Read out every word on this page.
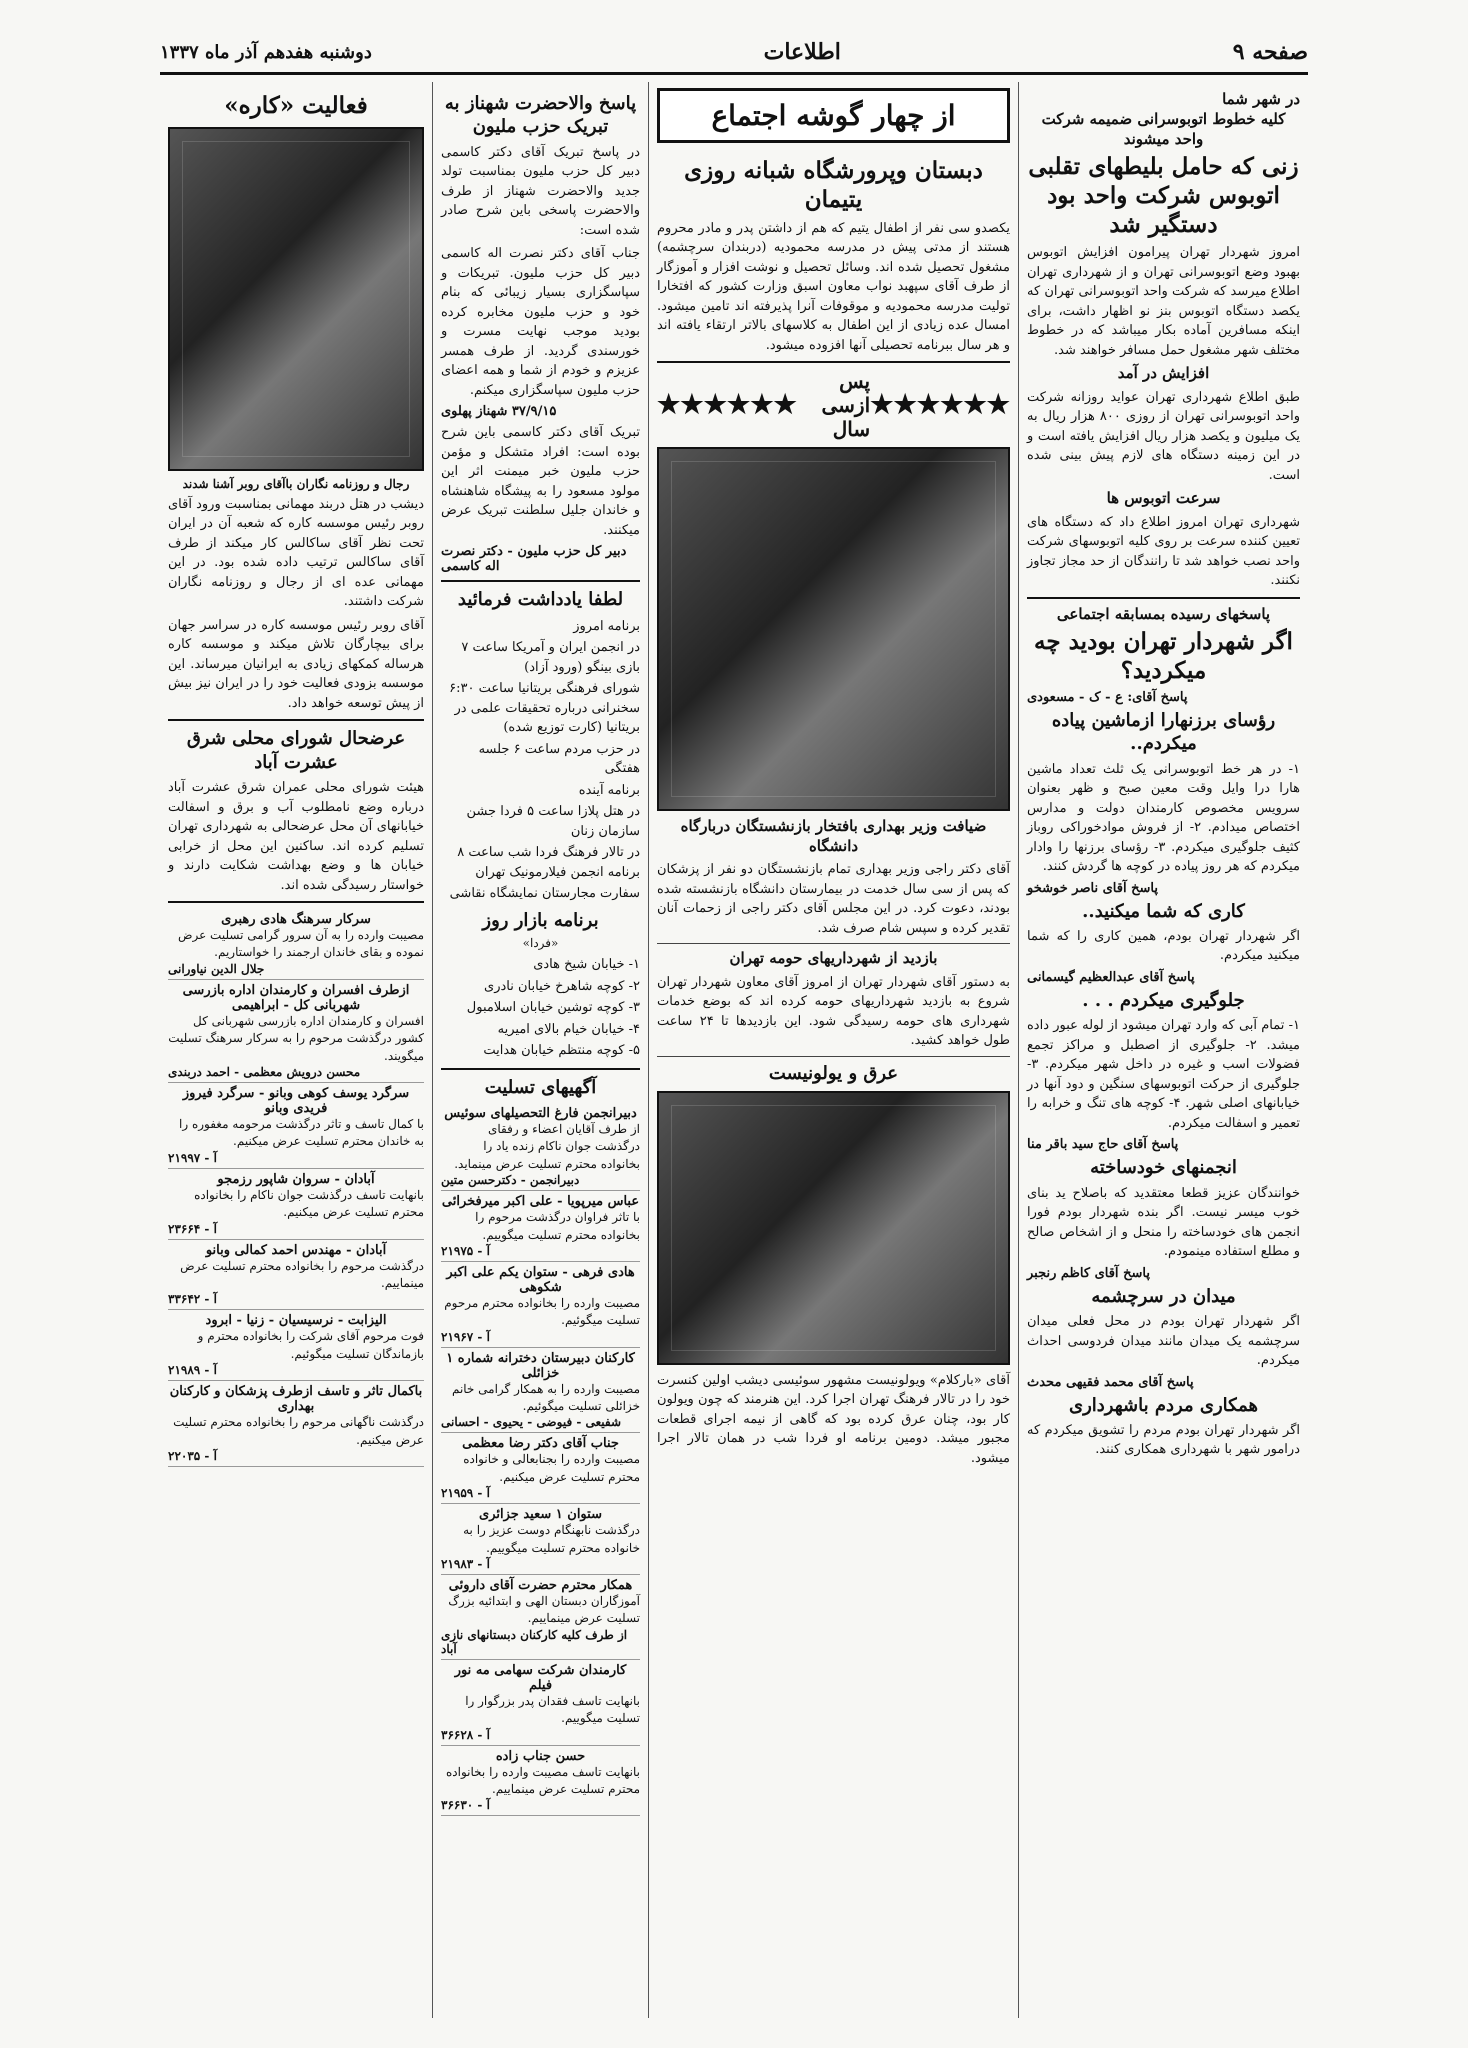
صفحه ۹
اطلاعات
دوشنبه هفدهم آذر ماه ۱۳۳۷
در شهر شما
کلیه خطوط اتوبوسرانی ضمیمه شرکت واحد میشوند
زنی که حامل بلیطهای تقلبی اتوبوس شرکت واحد بود دستگیر شد

امروز شهردار تهران پیرامون افزایش اتوبوس بهبود وضع اتوبوسرانی تهران و از شهرداری تهران اطلاع میرسد که شرکت واحد اتوبوسرانی تهران که یکصد دستگاه اتوبوس بنز نو اظهار داشت، برای اینکه مسافرین آماده بکار میباشد که در خطوط مختلف شهر مشغول حمل مسافر خواهند شد.

افزایش در آمد

طبق اطلاع شهرداری تهران عواید روزانه شرکت واحد اتوبوسرانی تهران از روزی ۸۰۰ هزار ریال به یک میلیون و یکصد هزار ریال افزایش یافته است و در این زمینه دستگاه های لازم پیش بینی شده است.

سرعت اتوبوس ها

شهرداری تهران امروز اطلاع داد که دستگاه های تعیین کننده سرعت بر روی کلیه اتوبوسهای شرکت واحد نصب خواهد شد تا رانندگان از حد مجاز تجاوز نکنند.

پاسخهای رسیده بمسابقه اجتماعی
اگر شهردار تهران بودید چه میکردید؟
پاسخ آقای: ع - ک - مسعودی
رؤسای برزنهارا ازماشین پیاده میکردم..

۱- در هر خط اتوبوسرانی یک ثلث تعداد ماشین هارا درا وایل وقت معین صبح و ظهر بعنوان سرویس مخصوص کارمندان دولت و مدارس اختصاص میدادم. ۲- از فروش موادخوراکی روباز کثیف جلوگیری میکردم. ۳- رؤسای برزنها را وادار میکردم که هر روز پیاده در کوچه ها گردش کنند.

پاسخ آقای ناصر خوشخو
کاری که شما میکنید..

اگر شهردار تهران بودم، همین کاری را که شما میکنید میکردم.

پاسخ آقای عبدالعظیم گیسمانی
جلوگیری میکردم . . .

۱- تمام آبی که وارد تهران میشود از لوله عبور داده میشد. ۲- جلوگیری از اصطبل و مراکز تجمع فضولات اسب و غیره در داخل شهر میکردم. ۳- جلوگیری از حرکت اتوبوسهای سنگین و دود آنها در خیابانهای اصلی شهر. ۴- کوچه های تنگ و خرابه را تعمیر و اسفالت میکردم.

پاسخ آقای حاج سید باقر منا
انجمنهای خودساخته

خوانندگان عزیز قطعا معتقدید که باصلاح ید بنای خوب میسر نیست. اگر بنده شهردار بودم فورا انجمن های خودساخته را منحل و از اشخاص صالح و مطلع استفاده مینمودم.

پاسخ آقای کاظم رنجبر
میدان در سرچشمه

اگر شهردار تهران بودم در محل فعلی میدان سرچشمه یک میدان مانند میدان فردوسی احداث میکردم.

پاسخ آقای محمد فقیهی محدث
همکاری مردم باشهرداری

اگر شهردار تهران بودم مردم را تشویق میکردم که درامور شهر با شهرداری همکاری کنند.

از چهار گوشه اجتماع
دبستان وپرورشگاه شبانه روزی یتیمان

یکصدو سی نفر از اطفال یتیم که هم از داشتن پدر و مادر محروم هستند از مدتی پیش در مدرسه محمودیه (دربندان سرچشمه) مشغول تحصیل شده اند. وسائل تحصیل و نوشت افزار و آموزگار از طرف آقای سپهبد نواب معاون اسبق وزارت کشور که افتخارا تولیت مدرسه محمودیه و موقوفات آنرا پذیرفته اند تامین میشود. امسال عده زیادی از این اطفال به کلاسهای بالاتر ارتقاء یافته اند و هر سال ببرنامه تحصیلی آنها افزوده میشود.

★★★★★★
پس ازسی سال
★★★★★★
ضیافت وزیر بهداری بافتخار بازنشستگان دربارگاه دانشگاه

آقای دکتر راجی وزیر بهداری تمام بازنشستگان دو نفر از پزشکان که پس از سی سال خدمت در بیمارستان دانشگاه بازنشسته شده بودند، دعوت کرد. در این مجلس آقای دکتر راجی از زحمات آنان تقدیر کرده و سپس شام صرف شد.

بازدید از شهرداریهای حومه تهران

به دستور آقای شهردار تهران از امروز آقای معاون شهردار تهران شروع به بازدید شهرداریهای حومه کرده اند که بوضع خدمات شهرداری های حومه رسیدگی شود. این بازدیدها تا ۲۴ ساعت طول خواهد کشید.

عرق و یولونیست

آقای «بارکلام» ویولونیست مشهور سوئیسی دیشب اولین کنسرت خود را در تالار فرهنگ تهران اجرا کرد. این هنرمند که چون ویولون کار بود، چنان عرق کرده بود که گاهی از نیمه اجرای قطعات مجبور میشد. دومین برنامه او فردا شب در همان تالار اجرا میشود.

پاسخ والاحضرت شهناز به تبریک حزب ملیون

در پاسخ تبریک آقای دکتر کاسمی دبیر کل حزب ملیون بمناسبت تولد جدید والاحضرت شهناز از طرف والاحضرت پاسخی باین شرح صادر شده است:

جناب آقای دکتر نصرت اله کاسمی دبیر کل حزب ملیون. تبریکات و سپاسگزاری بسیار زیبائی که بنام خود و حزب ملیون مخابره کرده بودید موجب نهایت مسرت و خورسندی گردید. از طرف همسر عزیزم و خودم از شما و همه اعضای حزب ملیون سپاسگزاری میکنم.

۳۷/۹/۱۵ شهناز پهلوی

تبریک آقای دکتر کاسمی باین شرح بوده است: افراد متشکل و مؤمن حزب ملیون خبر میمنت اثر این مولود مسعود را به پیشگاه شاهنشاه و خاندان جلیل سلطنت تبریک عرض میکنند.

دبیر کل حزب ملیون - دکتر نصرت اله کاسمی
لطفا یادداشت فرمائید
برنامه امروز
در انجمن ایران و آمریکا ساعت ۷ بازی بینگو (ورود آزاد)
شورای فرهنگی بریتانیا ساعت ۶:۳۰ سخنرانی درباره تحقیقات علمی در بریتانیا (کارت توزیع شده)
در حزب مردم ساعت ۶ جلسه هفتگی
برنامه آینده
در هتل پلازا ساعت ۵ فردا جشن سازمان زنان
در تالار فرهنگ فردا شب ساعت ۸ برنامه انجمن فیلارمونیک تهران
سفارت مجارستان نمایشگاه نقاشی
برنامه بازار روز
«فردا»
۱- خیابان شیخ هادی
۲- کوچه شاهرخ خیابان نادری
۳- کوچه توشین خیابان اسلامبول
۴- خیابان خیام بالای امیریه
۵- کوچه منتظم خیابان هدایت
آگهیهای تسلیت
دبیرانجمن فارغ التحصیلهای سوئیس
از طرف آقایان اعضاء و رفقای درگذشت جوان ناکام زنده یاد را بخانواده محترم تسلیت عرض مینماید.
دبیرانجمن - دکترحسن متین
عباس میرپویا - علی اکبر میرفخرائی
با تاثر فراوان درگذشت مرحوم را بخانواده محترم تسلیت میگوییم.
آ - ۲۱۹۷۵
هادی فرهی - ستوان یکم علی اکبر شکوهی
مصیبت وارده را بخانواده محترم مرحوم تسلیت میگوئیم.
آ - ۲۱۹۶۷
کارکنان دبیرستان دخترانه شماره ۱ خزائلی
مصیبت وارده را به همکار گرامی خانم خزائلی تسلیت میگوئیم.
شفیعی - فیوضی - یحیوی - احسانی
جناب آقای دکتر رضا معظمی
مصیبت وارده را بجنابعالی و خانواده محترم تسلیت عرض میکنیم.
آ - ۲۱۹۵۹
ستوان ۱ سعید جزائری
درگذشت نابهنگام دوست عزیز را به خانواده محترم تسلیت میگوییم.
آ - ۲۱۹۸۳
همکار محترم حضرت آقای داروئی
آموزگاران دبستان الهی و ابتدائیه بزرگ تسلیت عرض مینماییم.
از طرف کلیه کارکنان دبستانهای نازی آباد
کارمندان شرکت سهامی مه نور فیلم
بانهایت تاسف فقدان پدر بزرگوار را تسلیت میگوییم.
آ - ۳۶۶۲۸
حسن جناب زاده
بانهایت تاسف مصیبت وارده را بخانواده محترم تسلیت عرض مینماییم.
آ - ۳۶۶۳۰
فعالیت «کاره»
رجال و روزنامه نگاران باآقای روبر آشنا شدند

دیشب در هتل دربند مهمانی بمناسبت ورود آقای روبر رئیس موسسه کاره که شعبه آن در ایران تحت نظر آقای ساکالس کار میکند از طرف آقای ساکالس ترتیب داده شده بود. در این مهمانی عده ای از رجال و روزنامه نگاران شرکت داشتند.

آقای روبر رئیس موسسه کاره در سراسر جهان برای بیچارگان تلاش میکند و موسسه کاره هرساله کمکهای زیادی به ایرانیان میرساند. این موسسه بزودی فعالیت خود را در ایران نیز بیش از پیش توسعه خواهد داد.

عرضحال شورای محلی شرق عشرت آباد

هیئت شورای محلی عمران شرق عشرت آباد درباره وضع نامطلوب آب و برق و اسفالت خیابانهای آن محل عرضحالی به شهرداری تهران تسلیم کرده اند. ساکنین این محل از خرابی خیابان ها و وضع بهداشت شکایت دارند و خواستار رسیدگی شده اند.

سرکار سرهنگ هادی رهبری
مصیبت وارده را به آن سرور گرامی تسلیت عرض نموده و بقای خاندان ارجمند را خواستاریم.
جلال الدین نیاورانی
ازطرف افسران و کارمندان اداره بازرسی شهربانی کل - ابراهیمی
افسران و کارمندان اداره بازرسی شهربانی کل کشور درگذشت مرحوم را به سرکار سرهنگ تسلیت میگویند.
محسن درویش معظمی - احمد دربندی
سرگرد یوسف کوهی وبانو - سرگرد فیروز فریدی وبانو
با کمال تاسف و تاثر درگذشت مرحومه مغفوره را به خاندان محترم تسلیت عرض میکنیم.
آ - ۲۱۹۹۷
آبادان - سروان شاپور رزمجو
بانهایت تاسف درگذشت جوان ناکام را بخانواده محترم تسلیت عرض میکنیم.
آ - ۲۳۶۶۴
آبادان - مهندس احمد کمالی وبانو
درگذشت مرحوم را بخانواده محترم تسلیت عرض مینماییم.
آ - ۳۳۶۴۲
الیزابت - نرسیسیان - زنیا - ابرود
فوت مرحوم آقای شرکت را بخانواده محترم و بازماندگان تسلیت میگوئیم.
آ - ۲۱۹۸۹
باکمال تاثر و تاسف ازطرف پزشکان و کارکنان بهداری
درگذشت ناگهانی مرحوم را بخانواده محترم تسلیت عرض میکنیم.
آ - ۲۲۰۳۵
